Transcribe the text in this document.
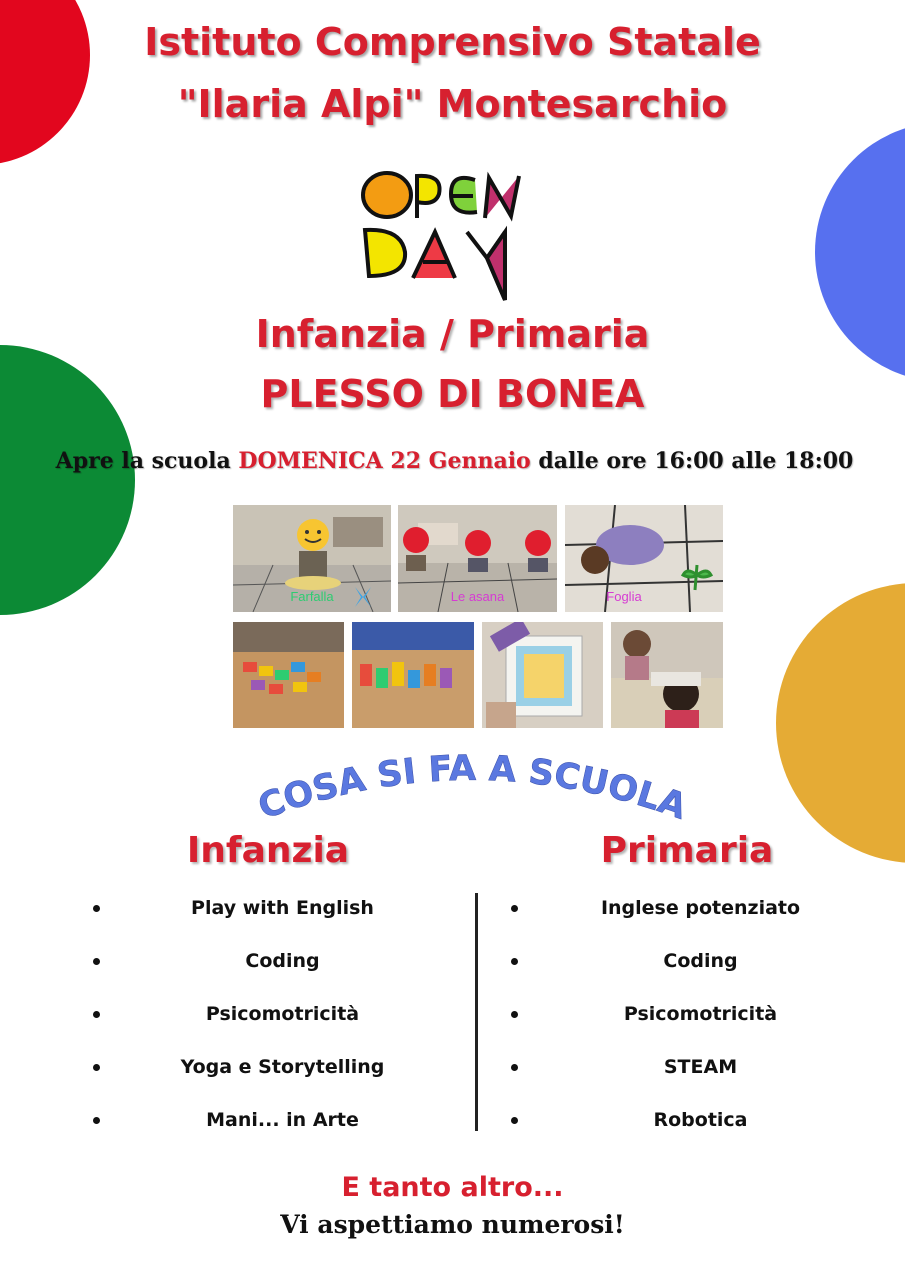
Istituto Comprensivo Statale
"Ilaria Alpi" Montesarchio
Infanzia / Primaria
PLESSO DI BONEA
Apre la scuola DOMENICA 22 Gennaio dalle ore 16:00 alle 18:00
Farfalla	Le asana	Foglia
COSA SI FA A SCUOLA
Infanzia	Primaria
Play with English
Coding
Psicomotricità
Yoga e Storytelling
Mani... in Arte
Inglese potenziato
Coding
Psicomotricità
STEAM
Robotica

E tanto altro...

Vi aspettiamo numerosi!
